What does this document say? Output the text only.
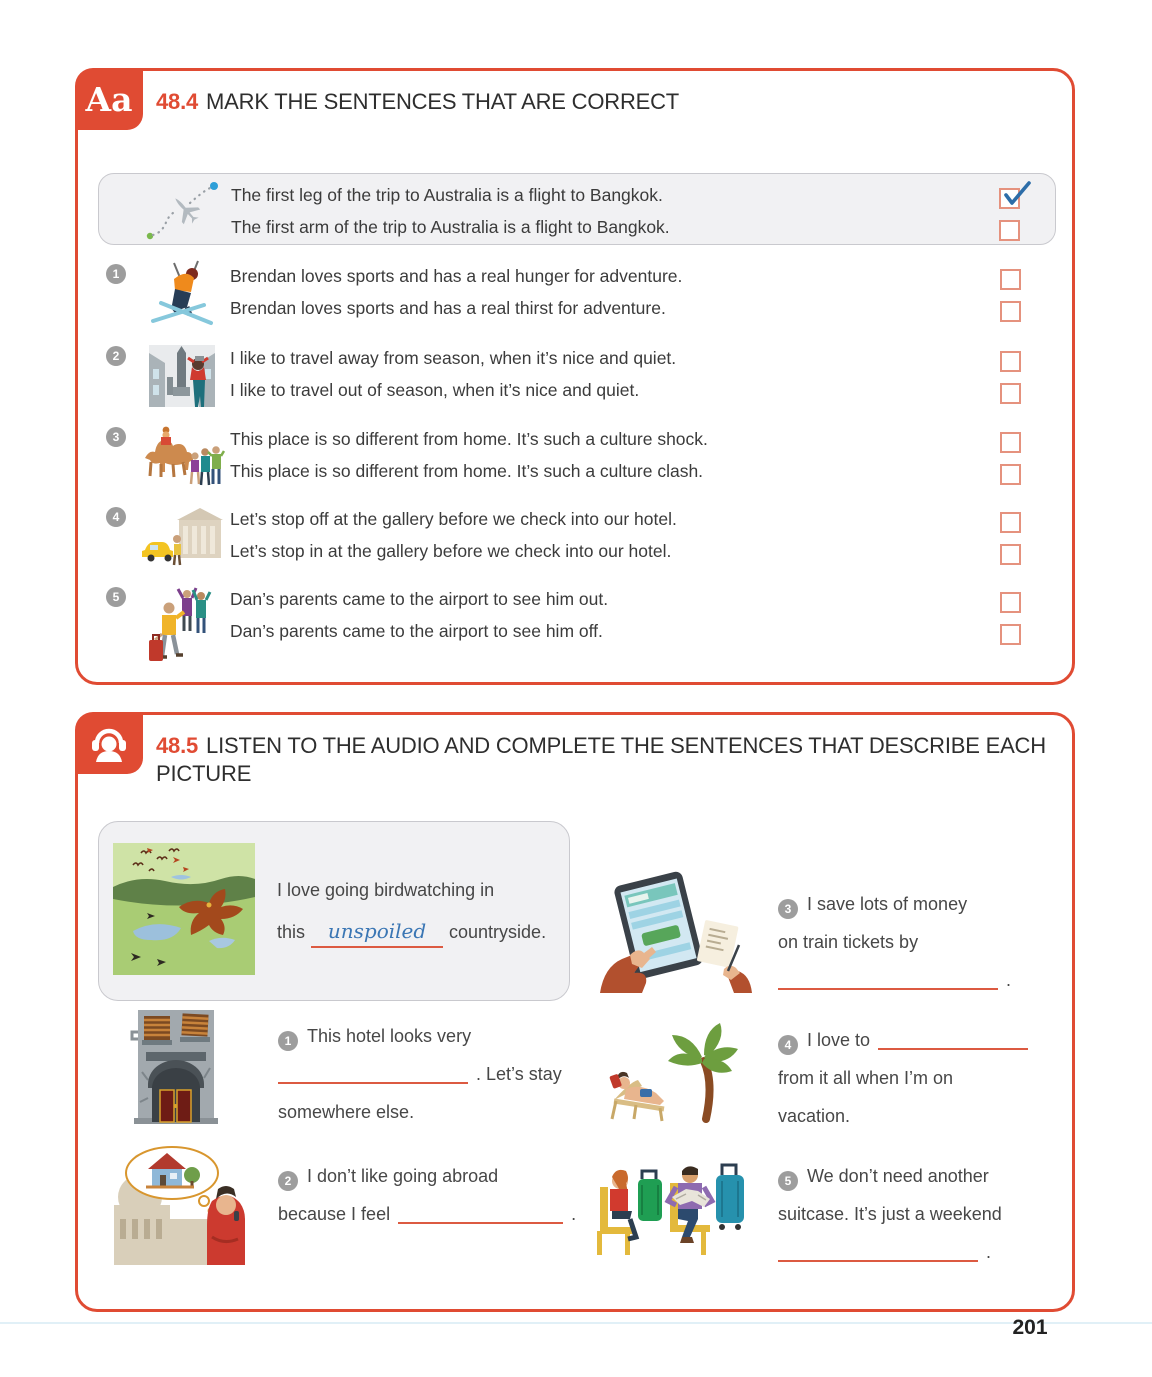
Aa 48.4 MARK THE SENTENCES THAT ARE CORRECT
The first leg of the trip to Australia is a flight to Bangkok.
The first arm of the trip to Australia is a flight to Bangkok.
1	Brendan loves sports and has a real hunger for adventure.
Brendan loves sports and has a real thirst for adventure.
2	I like to travel away from season, when it’s nice and quiet.
I like to travel out of season, when it’s nice and quiet.
3	This place is so different from home. It’s such a culture shock.
This place is so different from home. It’s such a culture clash.
4	Let’s stop off at the gallery before we check into our hotel.
Let’s stop in at the gallery before we check into our hotel.
5	Dan’s parents came to the airport to see him out.
Dan’s parents came to the airport to see him off.
48.5 LISTEN TO THE AUDIO AND COMPLETE THE SENTENCES THAT DESCRIBE EACH PICTURE
I love going birdwatching in
this unspoiled countryside.
1 This hotel looks very
. Let’s stay
somewhere else.
2 I don’t like going abroad
because I feel	.
3 I save lots of money
on train tickets by
.
4 I love to
from it all when I’m on
vacation.
5 We don’t need another
suitcase. It’s just a weekend
.
201
